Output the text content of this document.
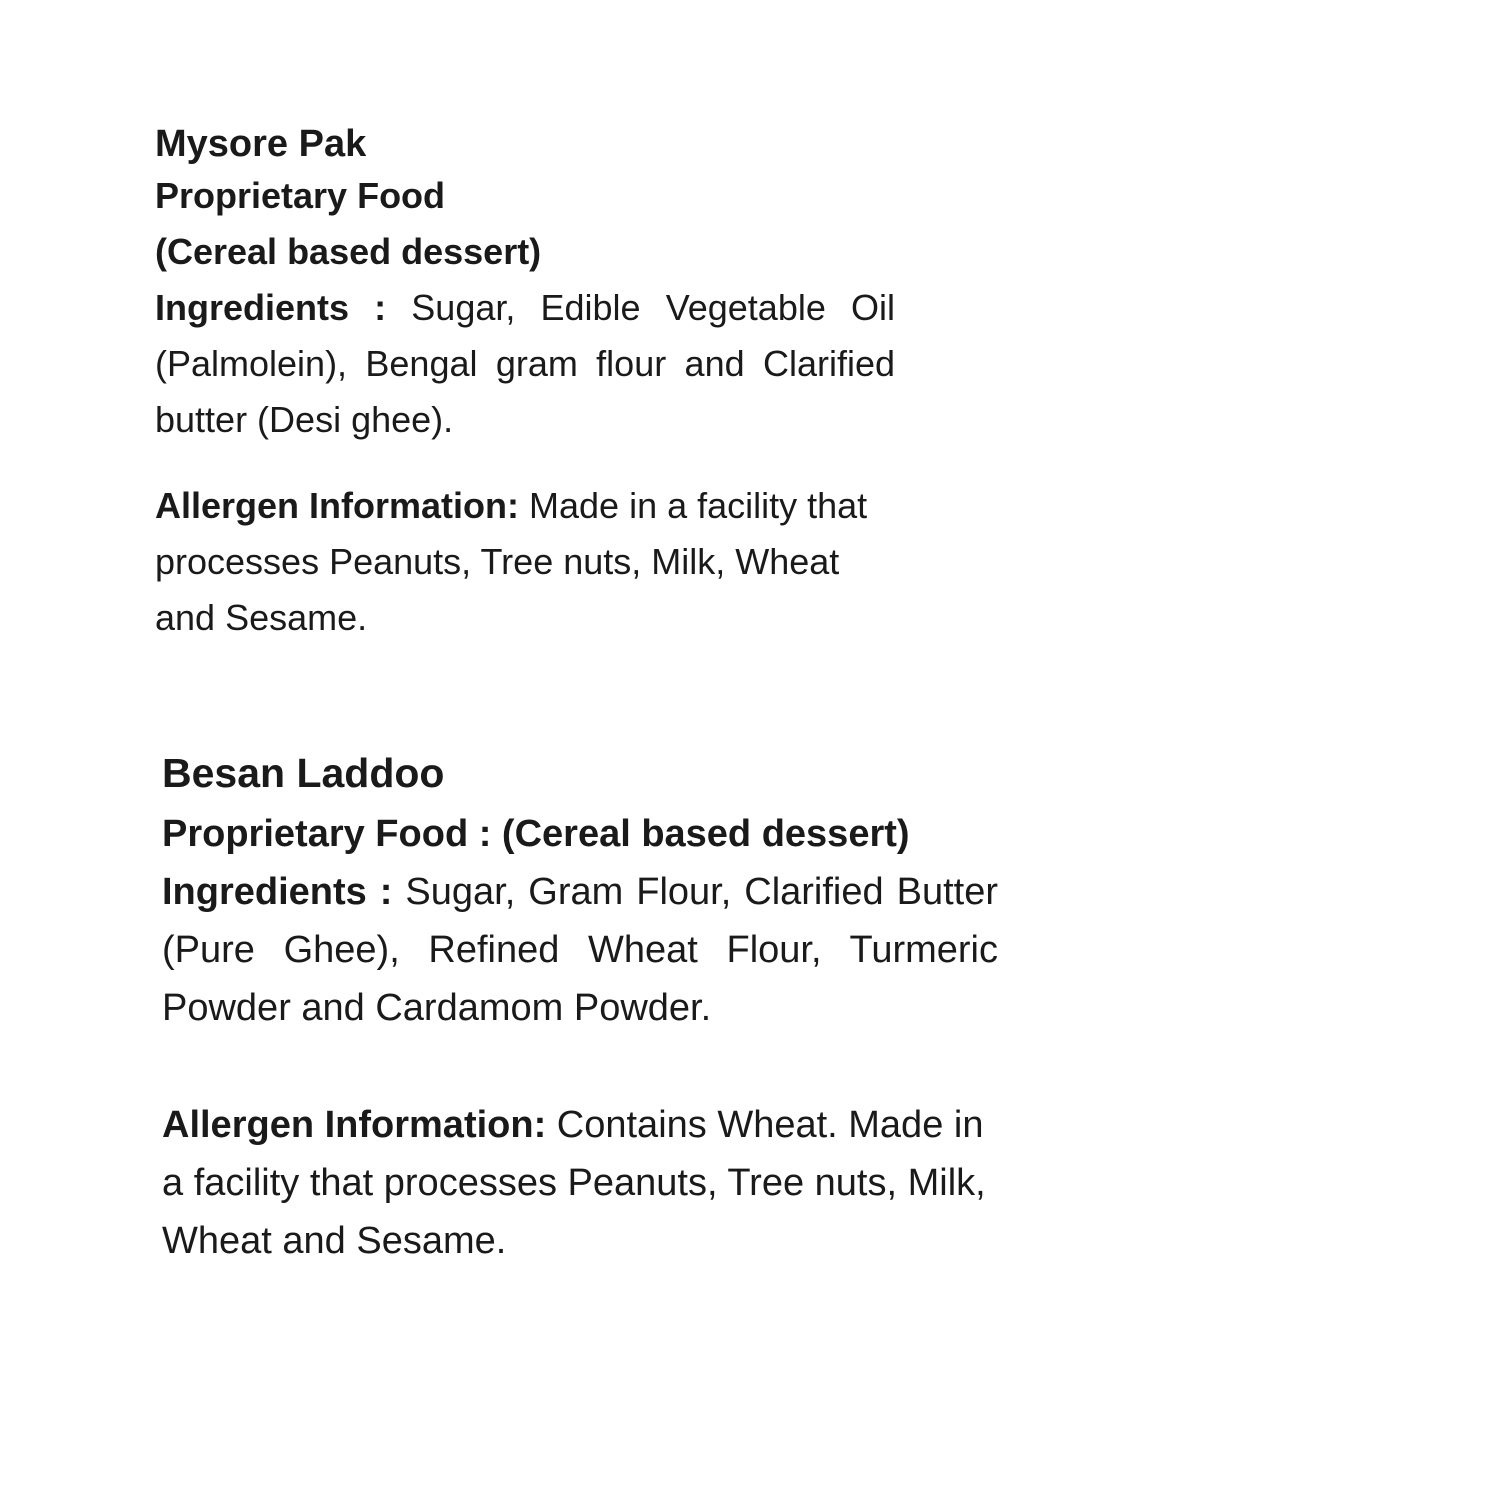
Mysore Pak
Proprietary Food
(Cereal based dessert)

Ingredients : Sugar, Edible Vegetable Oil (Palmolein), Bengal gram flour and Clarified butter (Desi ghee).

Allergen Information: Made in a facility that processes Peanuts, Tree nuts, Milk, Wheat and Sesame.

Besan Laddoo
Proprietary Food : (Cereal based dessert)

Ingredients : Sugar, Gram Flour, Clarified Butter (Pure Ghee), Refined Wheat Flour, Turmeric Powder and Cardamom Powder.

Allergen Information: Contains Wheat. Made in a facility that processes Peanuts, Tree nuts, Milk, Wheat and Sesame.
